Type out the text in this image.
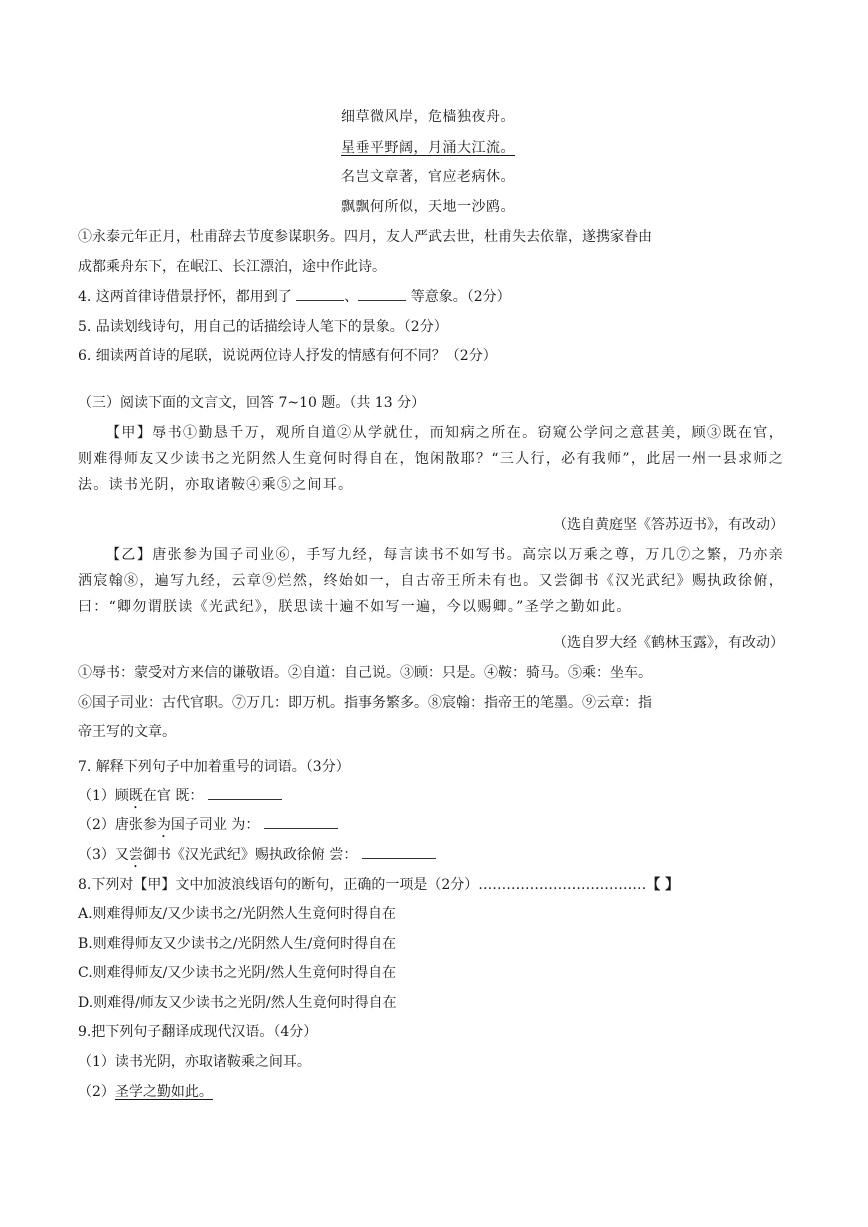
细草微风岸，危樯独夜舟。
星垂平野阔，月涌大江流。
名岂文章著，官应老病休。
飘飘何所似，天地一沙鸥。
①永泰元年正月，杜甫辞去节度参谋职务。四月，友人严武去世，杜甫失去依靠，遂携家眷由
成都乘舟东下，在岷江、长江漂泊，途中作此诗。
4. 这两首律诗借景抒怀，都用到了	、	等意象。（2分）
5. 品读划线诗句，用自己的话描绘诗人笔下的景象。（2分）
6. 细读两首诗的尾联，说说两位诗人抒发的情感有何不同？（2分）
（三）阅读下面的文言文，回答 7~10 题。（共 13 分）
【甲】辱书①勤恳千万，观所自道②从学就仕，而知病之所在。窃窥公学问之意甚美，顾③既在官，则难得师友又少读书之光阴然人生竟何时得自在，饱闲散耶？“三人行，必有我师”，此居一州一县求师之法。读书光阴，亦取诸鞍④乘⑤之间耳。
（选自黄庭坚《答苏迈书》，有改动）
【乙】唐张参为国子司业⑥，手写九经，每言读书不如写书。高宗以万乘之尊，万几⑦之繁，乃亦亲洒宸翰⑧，遍写九经，云章⑨烂然，终始如一，自古帝王所未有也。又尝御书《汉光武纪》赐执政徐俯，曰：“卿勿谓朕读《光武纪》，朕思读十遍不如写一遍，今以赐卿。”圣学之勤如此。
（选自罗大经《鹤林玉露》，有改动）
①辱书：蒙受对方来信的谦敬语。②自道：自己说。③顾：只是。④鞍：骑马。⑤乘：坐车。
⑥国子司业：古代官职。⑦万几：即万机。指事务繁多。⑧宸翰：指帝王的笔墨。⑨云章：指
帝王写的文章。
7. 解释下列句子中加着重号的词语。（3分）
（1）顾既在官 既：
（2）唐张参为国子司业 为：
（3）又尝御书《汉光武纪》赐执政徐俯 尝：
8.下列对【甲】文中加波浪线语句的断句，正确的一项是（2分）………………………………【 】
A.则难得师友/又少读书之/光阴然人生竟何时得自在
B.则难得师友又少读书之/光阴然人生/竟何时得自在
C.则难得师友/又少读书之光阴/然人生竟何时得自在
D.则难得/师友又少读书之光阴/然人生竟何时得自在
9.把下列句子翻译成现代汉语。（4分）
（1）读书光阴，亦取诸鞍乘之间耳。
（2）圣学之勤如此。
